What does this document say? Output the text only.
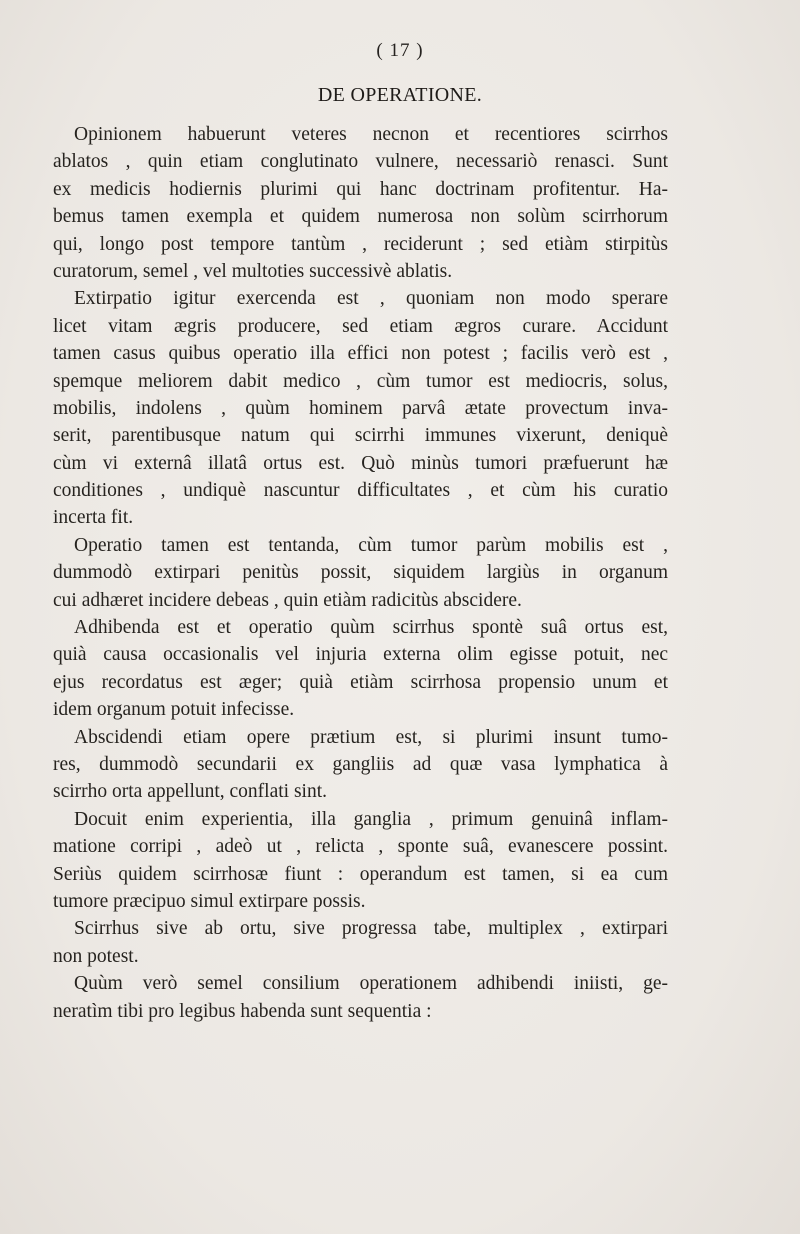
( 17 )
DE OPERATIONE.
Opinionem habuerunt veteres necnon et recentiores scirrhos
ablatos , quin etiam conglutinato vulnere, necessariò renasci. Sunt
ex medicis hodiernis plurimi qui hanc doctrinam profitentur. Ha-
bemus tamen exempla et quidem numerosa non solùm scirrhorum
qui, longo post tempore tantùm , reciderunt ; sed etiàm stirpitùs
curatorum, semel , vel multoties successivè ablatis.
Extirpatio igitur exercenda est , quoniam non modo sperare
licet vitam ægris producere, sed etiam ægros curare. Accidunt
tamen casus quibus operatio illa effici non potest ; facilis verò est ,
spemque meliorem dabit medico , cùm tumor est mediocris, solus,
mobilis, indolens , quùm hominem parvâ ætate provectum inva-
serit, parentibusque natum qui scirrhi immunes vixerunt, deniquè
cùm vi externâ illatâ ortus est. Quò minùs tumori præfuerunt hæ
conditiones , undiquè nascuntur difficultates , et cùm his curatio
incerta fit.
Operatio tamen est tentanda, cùm tumor parùm mobilis est ,
dummodò extirpari penitùs possit, siquidem largiùs in organum
cui adhæret incidere debeas , quin etiàm radicitùs abscidere.
Adhibenda est et operatio quùm scirrhus spontè suâ ortus est,
quià causa occasionalis vel injuria externa olim egisse potuit, nec
ejus recordatus est æger; quià etiàm scirrhosa propensio unum et
idem organum potuit infecisse.
Abscidendi etiam opere prætium est, si plurimi insunt tumo-
res, dummodò secundarii ex gangliis ad quæ vasa lymphatica à
scirrho orta appellunt, conflati sint.
Docuit enim experientia, illa ganglia , primum genuinâ inflam-
matione corripi , adeò ut , relicta , sponte suâ, evanescere possint.
Seriùs quidem scirrhosæ fiunt : operandum est tamen, si ea cum
tumore præcipuo simul extirpare possis.
Scirrhus sive ab ortu, sive progressa tabe, multiplex , extirpari
non potest.
Quùm verò semel consilium operationem adhibendi iniisti, ge-
neratìm tibi pro legibus habenda sunt sequentia :
